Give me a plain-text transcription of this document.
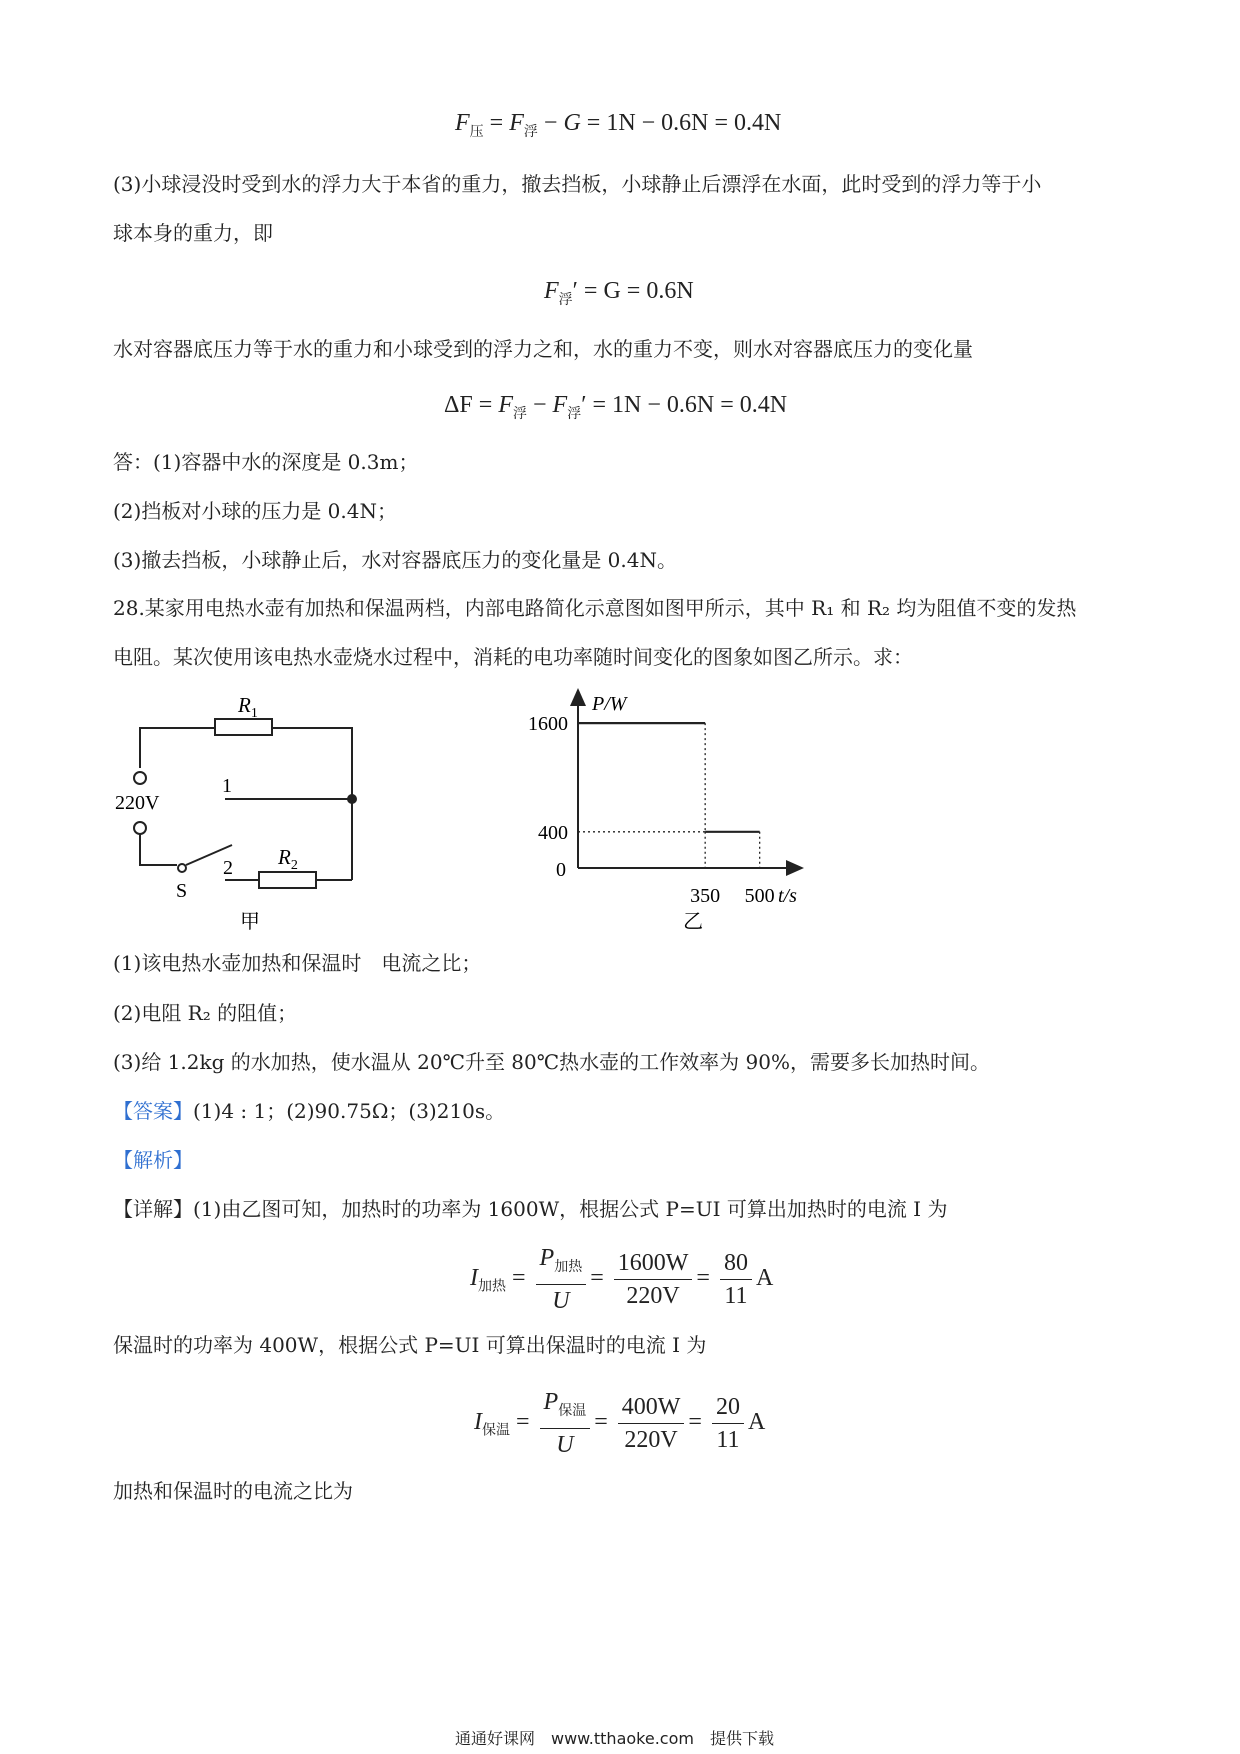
$F_压 = F_浮 - G = 1N - 0.6N = 0.4N$
(3)小球浸没时受到水的浮力大于本省的重力，撤去挡板，小球静止后漂浮在水面，此时受到的浮力等于小
球本身的重力，即
$F_浮' = G = 0.6N$
水对容器底压力等于水的重力和小球受到的浮力之和，水的重力不变，则水对容器底压力的变化量
$\Delta F = F_浮 - F_浮' = 1N - 0.6N = 0.4N$
答：(1)容器中水的深度是 0.3m；
(2)挡板对小球的压力是 0.4N；
(3)撤去挡板，小球静止后，水对容器底压力的变化量是 0.4N。
28.某家用电热水壶有加热和保温两档，内部电路简化示意图如图甲所示，其中 R₁ 和 R₂ 均为阻值不变的发热
电阻。某次使用该电热水壶烧水过程中，消耗的电功率随时间变化的图象如图乙所示。求：
$R_1$
220V
1
2
S
$R_2$
甲
P/W
t/s
0
1600
400
350 500
乙
(1)该电热水壶加热和保温时　电流之比；
(2)电阻 R₂ 的阻值；
(3)给 1.2kg 的水加热，使水温从 20℃升至 80℃热水壶的工作效率为 90%，需要多长加热时间。
【答案】(1)4 : 1；(2)90.75Ω；(3)210s。
【解析】
【详解】(1)由乙图可知，加热时的功率为 1600W，根据公式 P=UI 可算出加热时的电流 I 为
$I_{加热} = \frac{P_{加热}}{U} = \frac{1600W}{220V} = \frac{80}{11}$ A
保温时的功率为 400W，根据公式 P=UI 可算出保温时的电流 I 为
$I_{保温} = \frac{P_{保温}}{U} = \frac{400W}{220V} = \frac{20}{11}$ A
加热和保温时的电流之比为
通通好课网　www.tthaoke.com　提供下载
